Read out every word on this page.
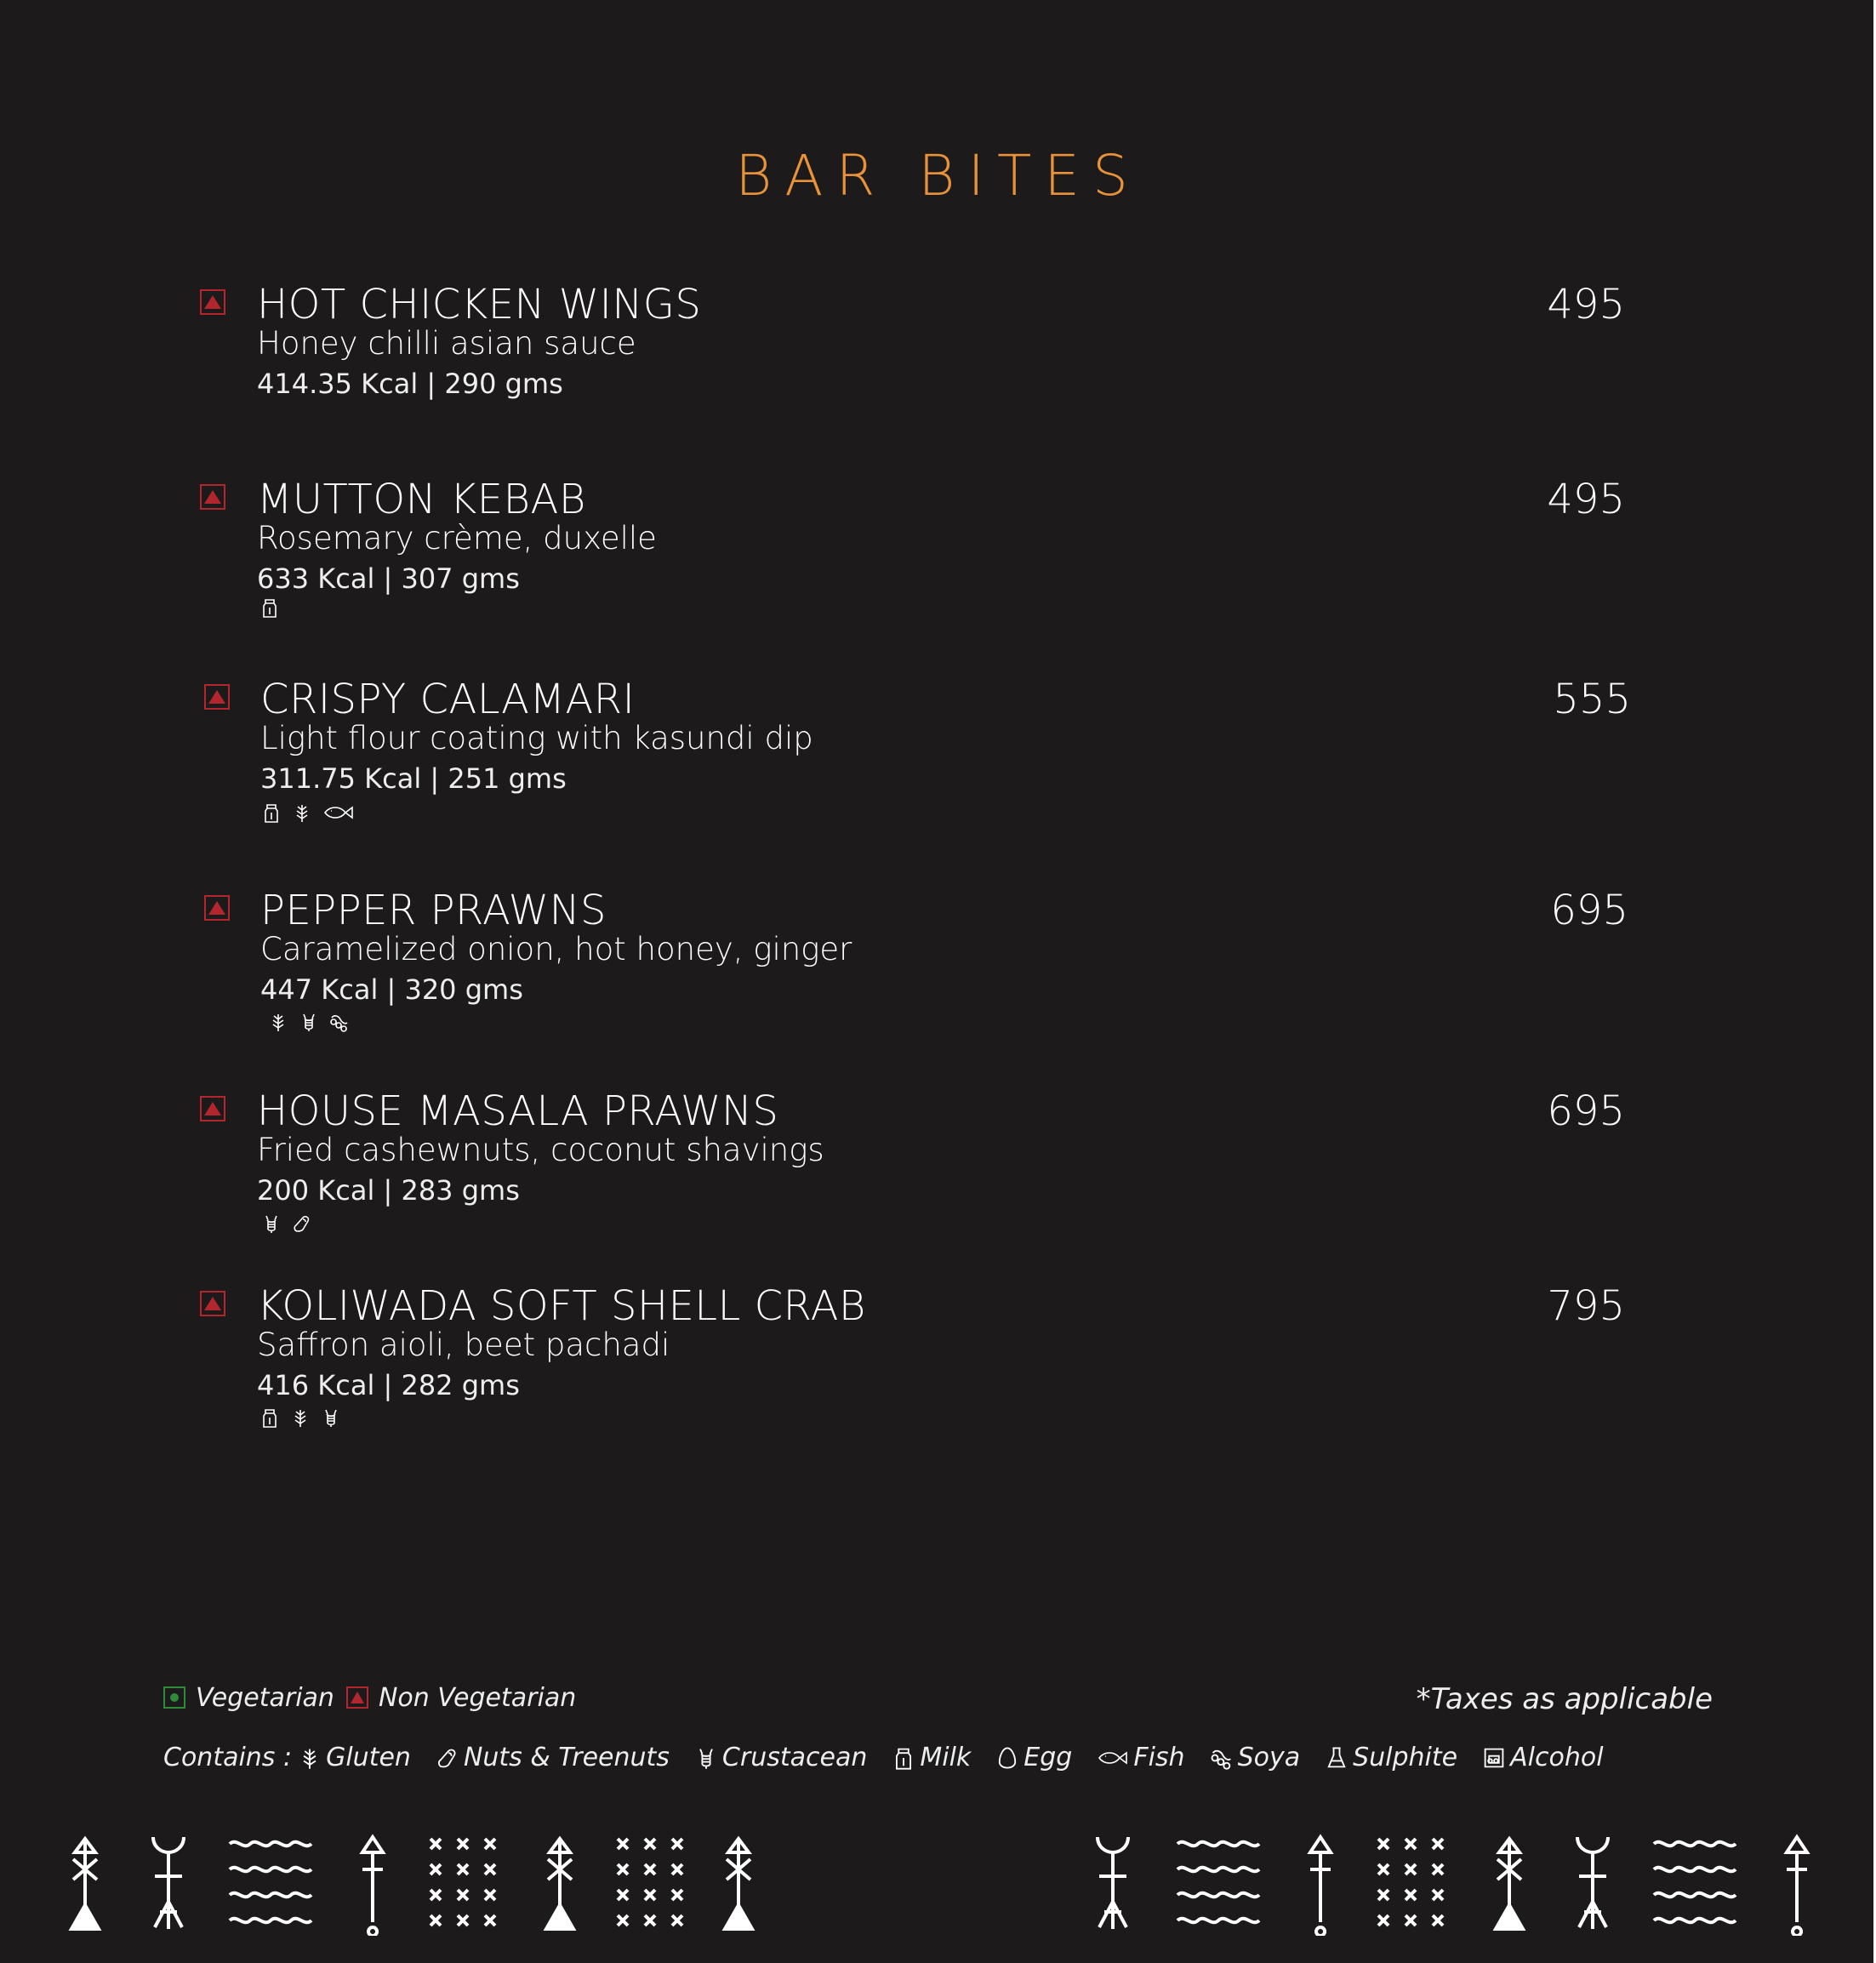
BAR BITES
HOT CHICKEN WINGS
Honey chilli asian sauce
414.35 Kcal | 290 gms
495
MUTTON KEBAB
Rosemary crème, duxelle
633 Kcal | 307 gms
495
CRISPY CALAMARI
Light flour coating with kasundi dip
311.75 Kcal | 251 gms
555
PEPPER PRAWNS
Caramelized onion, hot honey, ginger
447 Kcal | 320 gms
695
HOUSE MASALA PRAWNS
Fried cashewnuts, coconut shavings
200 Kcal | 283 gms
695
KOLIWADA SOFT SHELL CRAB
Saffron aioli, beet pachadi
416 Kcal | 282 gms
795
Vegetarian Non Vegetarian	*Taxes as applicable
Contains : Gluten Nuts & Treenuts Crustacean Milk Egg Fish Soya Sulphite Alcohol
